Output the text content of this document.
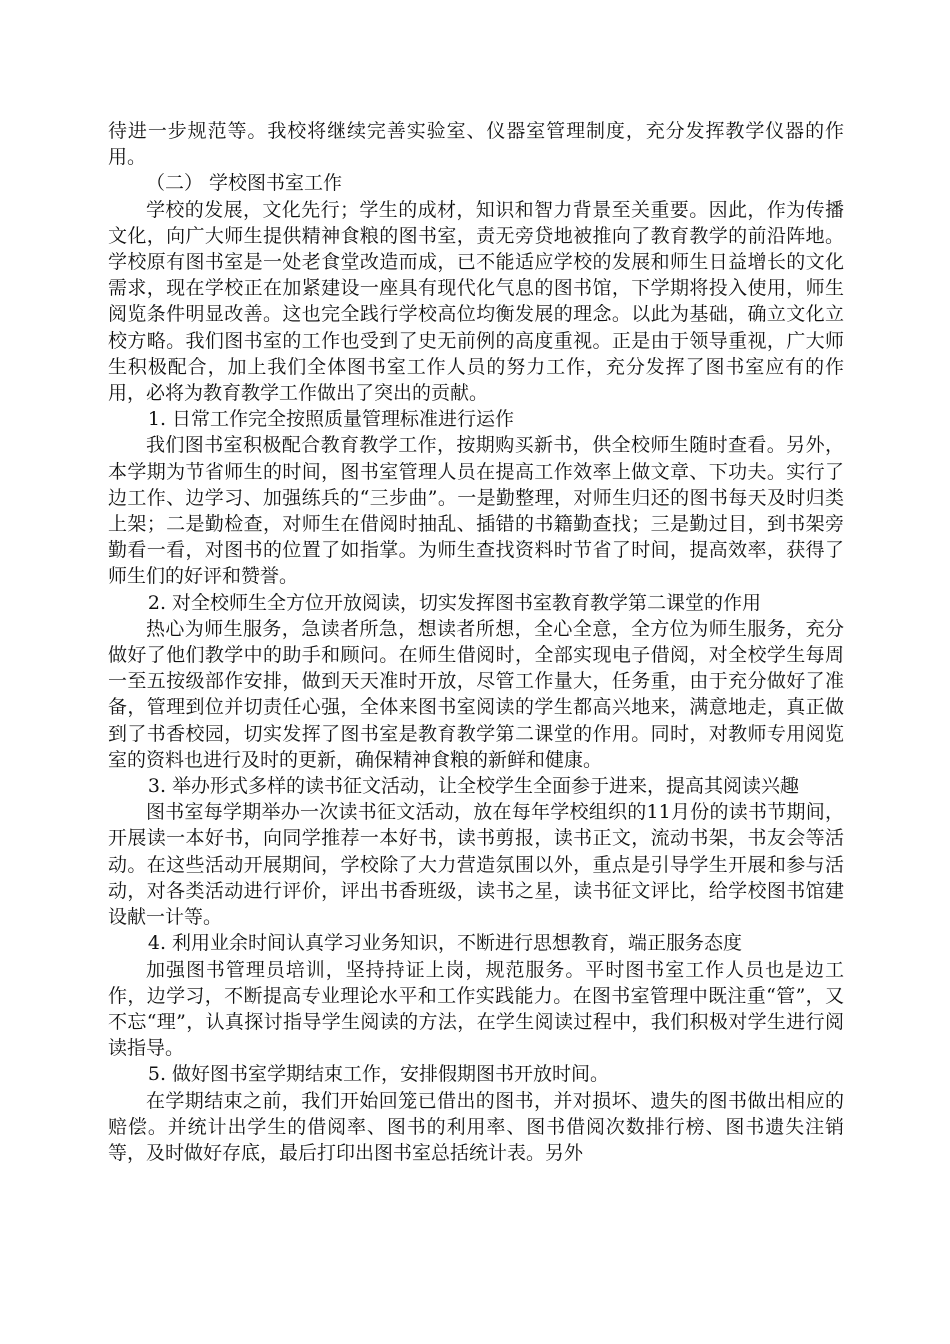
待进一步规范等。我校将继续完善实验室、仪器室管理制度，充分发挥教学仪器的作用。

（二） 学校图书室工作

学校的发展，文化先行；学生的成材，知识和智力背景至关重要。因此，作为传播文化，向广大师生提供精神食粮的图书室，责无旁贷地被推向了教育教学的前沿阵地。学校原有图书室是一处老食堂改造而成，已不能适应学校的发展和师生日益增长的文化需求，现在学校正在加紧建设一座具有现代化气息的图书馆，下学期将投入使用，师生阅览条件明显改善。这也完全践行学校高位均衡发展的理念。以此为基础，确立文化立校方略。我们图书室的工作也受到了史无前例的高度重视。正是由于领导重视，广大师生积极配合，加上我们全体图书室工作人员的努力工作，充分发挥了图书室应有的作用，必将为教育教学工作做出了突出的贡献。

1. 日常工作完全按照质量管理标准进行运作

我们图书室积极配合教育教学工作，按期购买新书，供全校师生随时查看。另外，本学期为节省师生的时间，图书室管理人员在提高工作效率上做文章、下功夫。实行了边工作、边学习、加强练兵的“三步曲”。一是勤整理，对师生归还的图书每天及时归类上架；二是勤检查，对师生在借阅时抽乱、插错的书籍勤查找；三是勤过目，到书架旁勤看一看，对图书的位置了如指掌。为师生查找资料时节省了时间，提高效率，获得了师生们的好评和赞誉。

2. 对全校师生全方位开放阅读，切实发挥图书室教育教学第二课堂的作用

热心为师生服务，急读者所急，想读者所想，全心全意，全方位为师生服务，充分做好了他们教学中的助手和顾问。在师生借阅时，全部实现电子借阅，对全校学生每周一至五按级部作安排，做到天天准时开放，尽管工作量大，任务重，由于充分做好了准备，管理到位并切责任心强，全体来图书室阅读的学生都高兴地来，满意地走，真正做到了书香校园，切实发挥了图书室是教育教学第二课堂的作用。同时，对教师专用阅览室的资料也进行及时的更新，确保精神食粮的新鲜和健康。

3. 举办形式多样的读书征文活动，让全校学生全面参于进来，提高其阅读兴趣

图书室每学期举办一次读书征文活动，放在每年学校组织的11月份的读书节期间，开展读一本好书，向同学推荐一本好书，读书剪报，读书正文，流动书架，书友会等活动。在这些活动开展期间，学校除了大力营造氛围以外，重点是引导学生开展和参与活动，对各类活动进行评价，评出书香班级，读书之星，读书征文评比，给学校图书馆建设献一计等。

4. 利用业余时间认真学习业务知识，不断进行思想教育，端正服务态度

加强图书管理员培训，坚持持证上岗，规范服务。平时图书室工作人员也是边工作，边学习，不断提高专业理论水平和工作实践能力。在图书室管理中既注重“管”，又不忘“理”，认真探讨指导学生阅读的方法，在学生阅读过程中，我们积极对学生进行阅读指导。

5. 做好图书室学期结束工作，安排假期图书开放时间。

在学期结束之前，我们开始回笼已借出的图书，并对损坏、遗失的图书做出相应的赔偿。并统计出学生的借阅率、图书的利用率、图书借阅次数排行榜、图书遗失注销等，及时做好存底，最后打印出图书室总括统计表。另外
